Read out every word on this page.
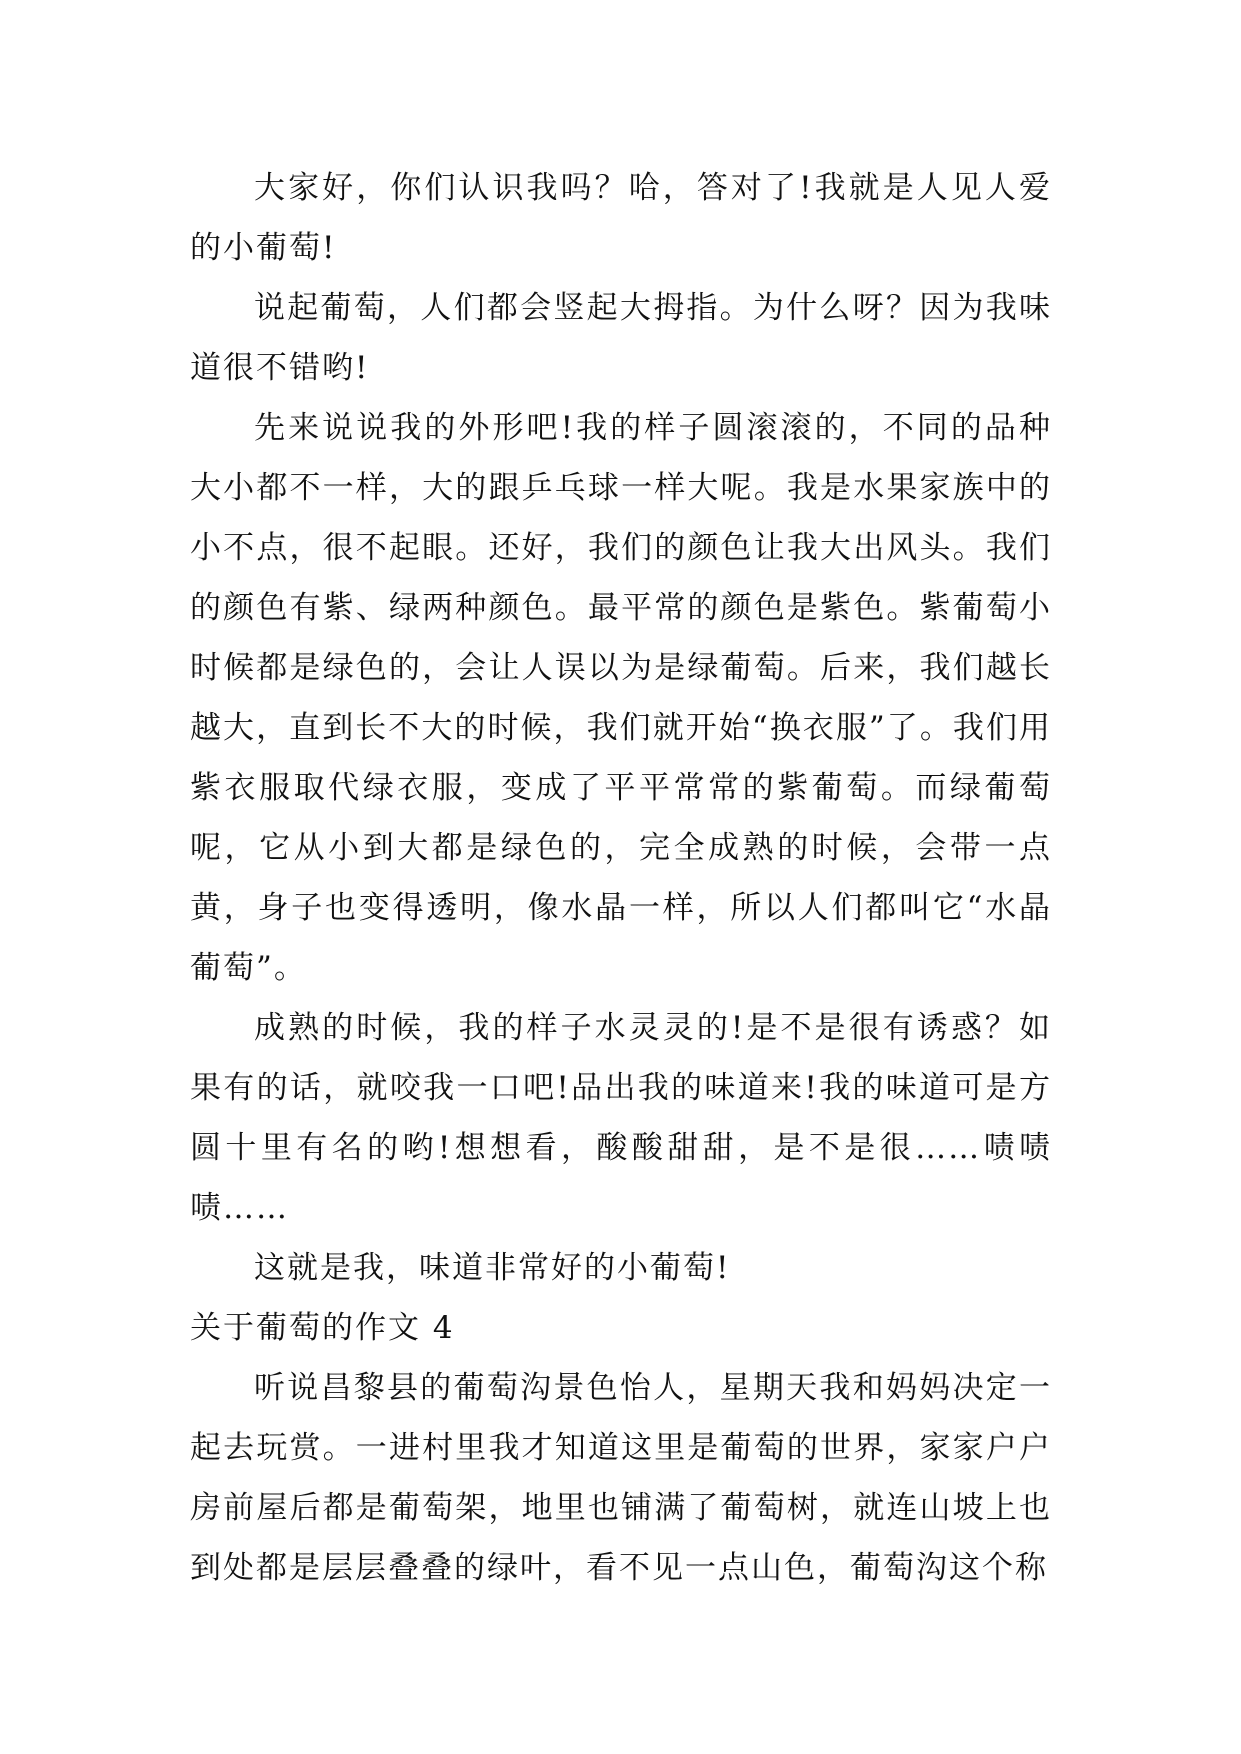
大家好，你们认识我吗？哈，答对了!我就是人见人爱的小葡萄!

说起葡萄，人们都会竖起大拇指。为什么呀？因为我味道很不错哟!

先来说说我的外形吧!我的样子圆滚滚的，不同的品种大小都不一样，大的跟乒乓球一样大呢。我是水果家族中的小不点，很不起眼。还好，我们的颜色让我大出风头。我们的颜色有紫、绿两种颜色。最平常的颜色是紫色。紫葡萄小时候都是绿色的，会让人误以为是绿葡萄。后来，我们越长越大，直到长不大的时候，我们就开始“换衣服”了。我们用紫衣服取代绿衣服，变成了平平常常的紫葡萄。而绿葡萄呢，它从小到大都是绿色的，完全成熟的时候，会带一点黄，身子也变得透明，像水晶一样，所以人们都叫它“水晶葡萄”。

成熟的时候，我的样子水灵灵的!是不是很有诱惑？如果有的话，就咬我一口吧!品出我的味道来!我的味道可是方圆十里有名的哟!想想看，酸酸甜甜，是不是很……啧啧啧……

这就是我，味道非常好的小葡萄!

关于葡萄的作文 4

听说昌黎县的葡萄沟景色怡人，星期天我和妈妈决定一起去玩赏。一进村里我才知道这里是葡萄的世界，家家户户房前屋后都是葡萄架，地里也铺满了葡萄树，就连山坡上也到处都是层层叠叠的绿叶，看不见一点山色，葡萄沟这个称
